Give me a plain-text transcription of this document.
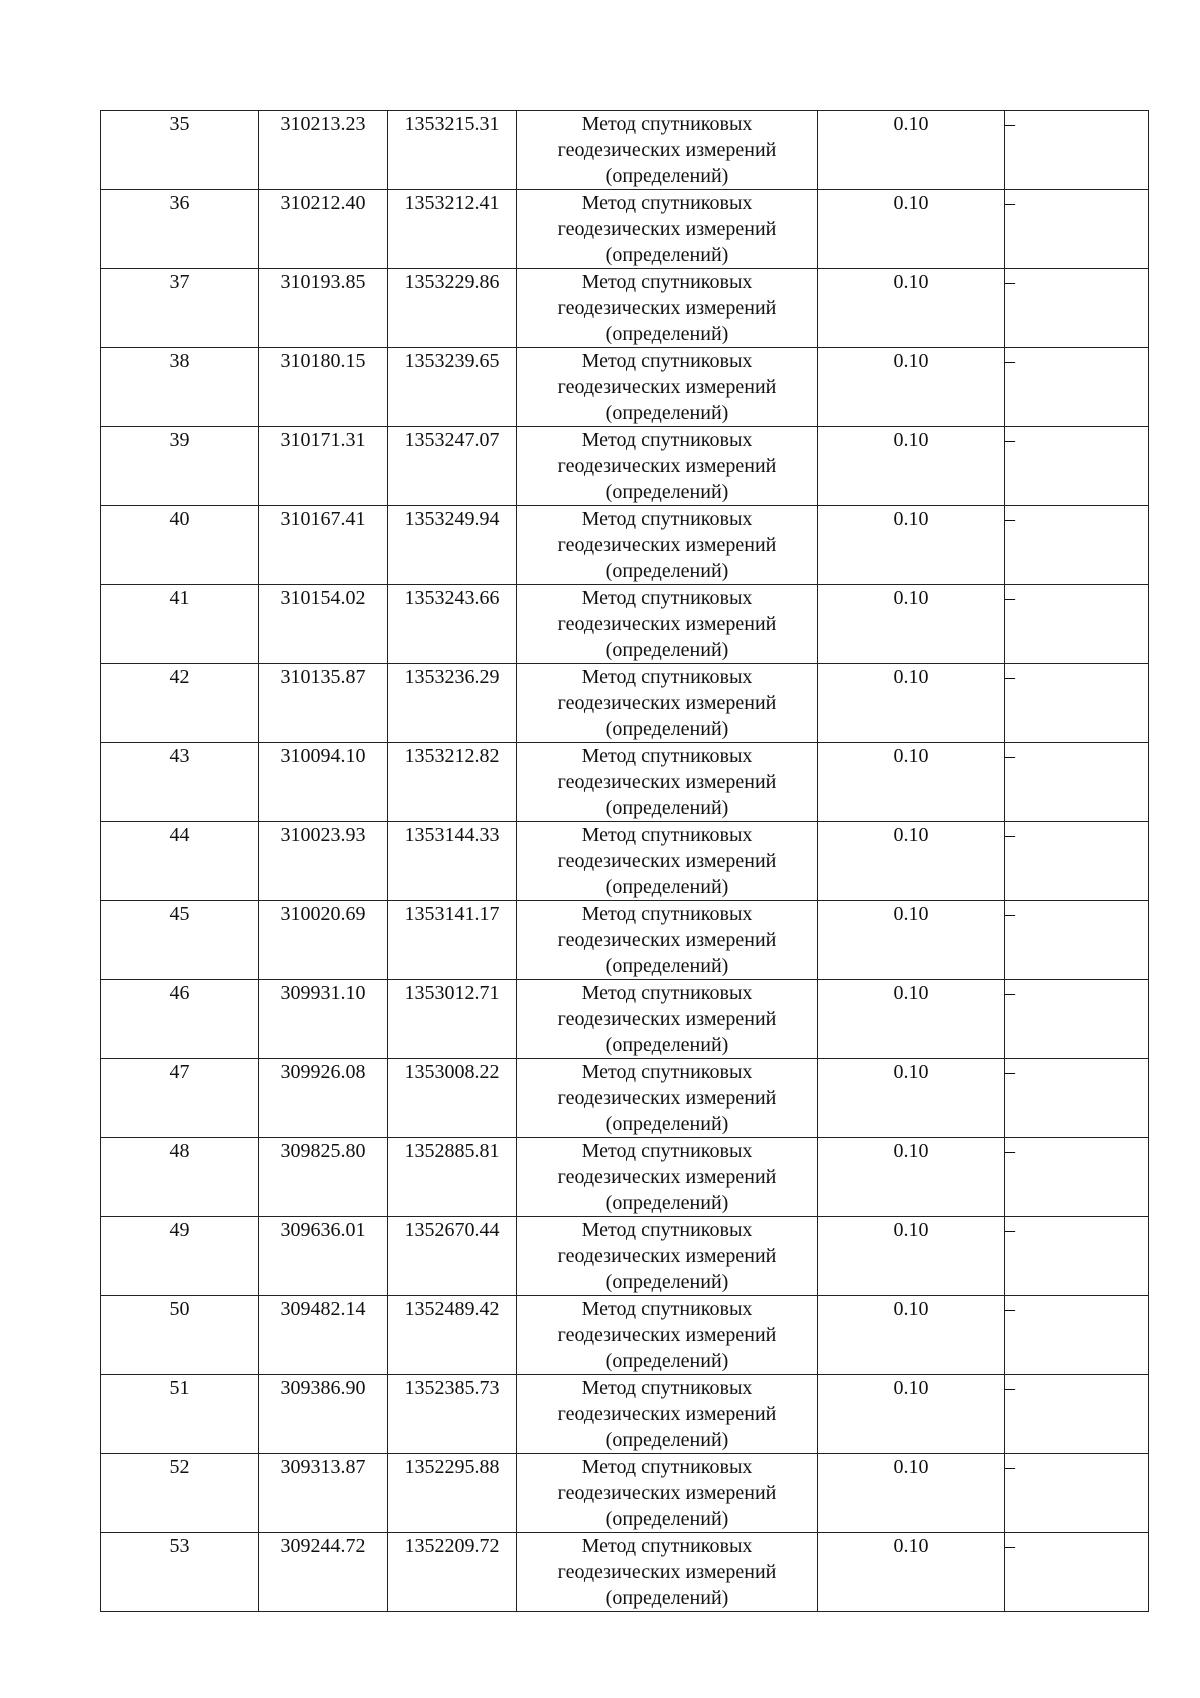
35	310213.23	1353215.31	Метод спутниковых
геодезических измерений
(определений)	0.10	–
36	310212.40	1353212.41	Метод спутниковых
геодезических измерений
(определений)	0.10	–
37	310193.85	1353229.86	Метод спутниковых
геодезических измерений
(определений)	0.10	–
38	310180.15	1353239.65	Метод спутниковых
геодезических измерений
(определений)	0.10	–
39	310171.31	1353247.07	Метод спутниковых
геодезических измерений
(определений)	0.10	–
40	310167.41	1353249.94	Метод спутниковых
геодезических измерений
(определений)	0.10	–
41	310154.02	1353243.66	Метод спутниковых
геодезических измерений
(определений)	0.10	–
42	310135.87	1353236.29	Метод спутниковых
геодезических измерений
(определений)	0.10	–
43	310094.10	1353212.82	Метод спутниковых
геодезических измерений
(определений)	0.10	–
44	310023.93	1353144.33	Метод спутниковых
геодезических измерений
(определений)	0.10	–
45	310020.69	1353141.17	Метод спутниковых
геодезических измерений
(определений)	0.10	–
46	309931.10	1353012.71	Метод спутниковых
геодезических измерений
(определений)	0.10	–
47	309926.08	1353008.22	Метод спутниковых
геодезических измерений
(определений)	0.10	–
48	309825.80	1352885.81	Метод спутниковых
геодезических измерений
(определений)	0.10	–
49	309636.01	1352670.44	Метод спутниковых
геодезических измерений
(определений)	0.10	–
50	309482.14	1352489.42	Метод спутниковых
геодезических измерений
(определений)	0.10	–
51	309386.90	1352385.73	Метод спутниковых
геодезических измерений
(определений)	0.10	–
52	309313.87	1352295.88	Метод спутниковых
геодезических измерений
(определений)	0.10	–
53	309244.72	1352209.72	Метод спутниковых
геодезических измерений
(определений)	0.10	–
